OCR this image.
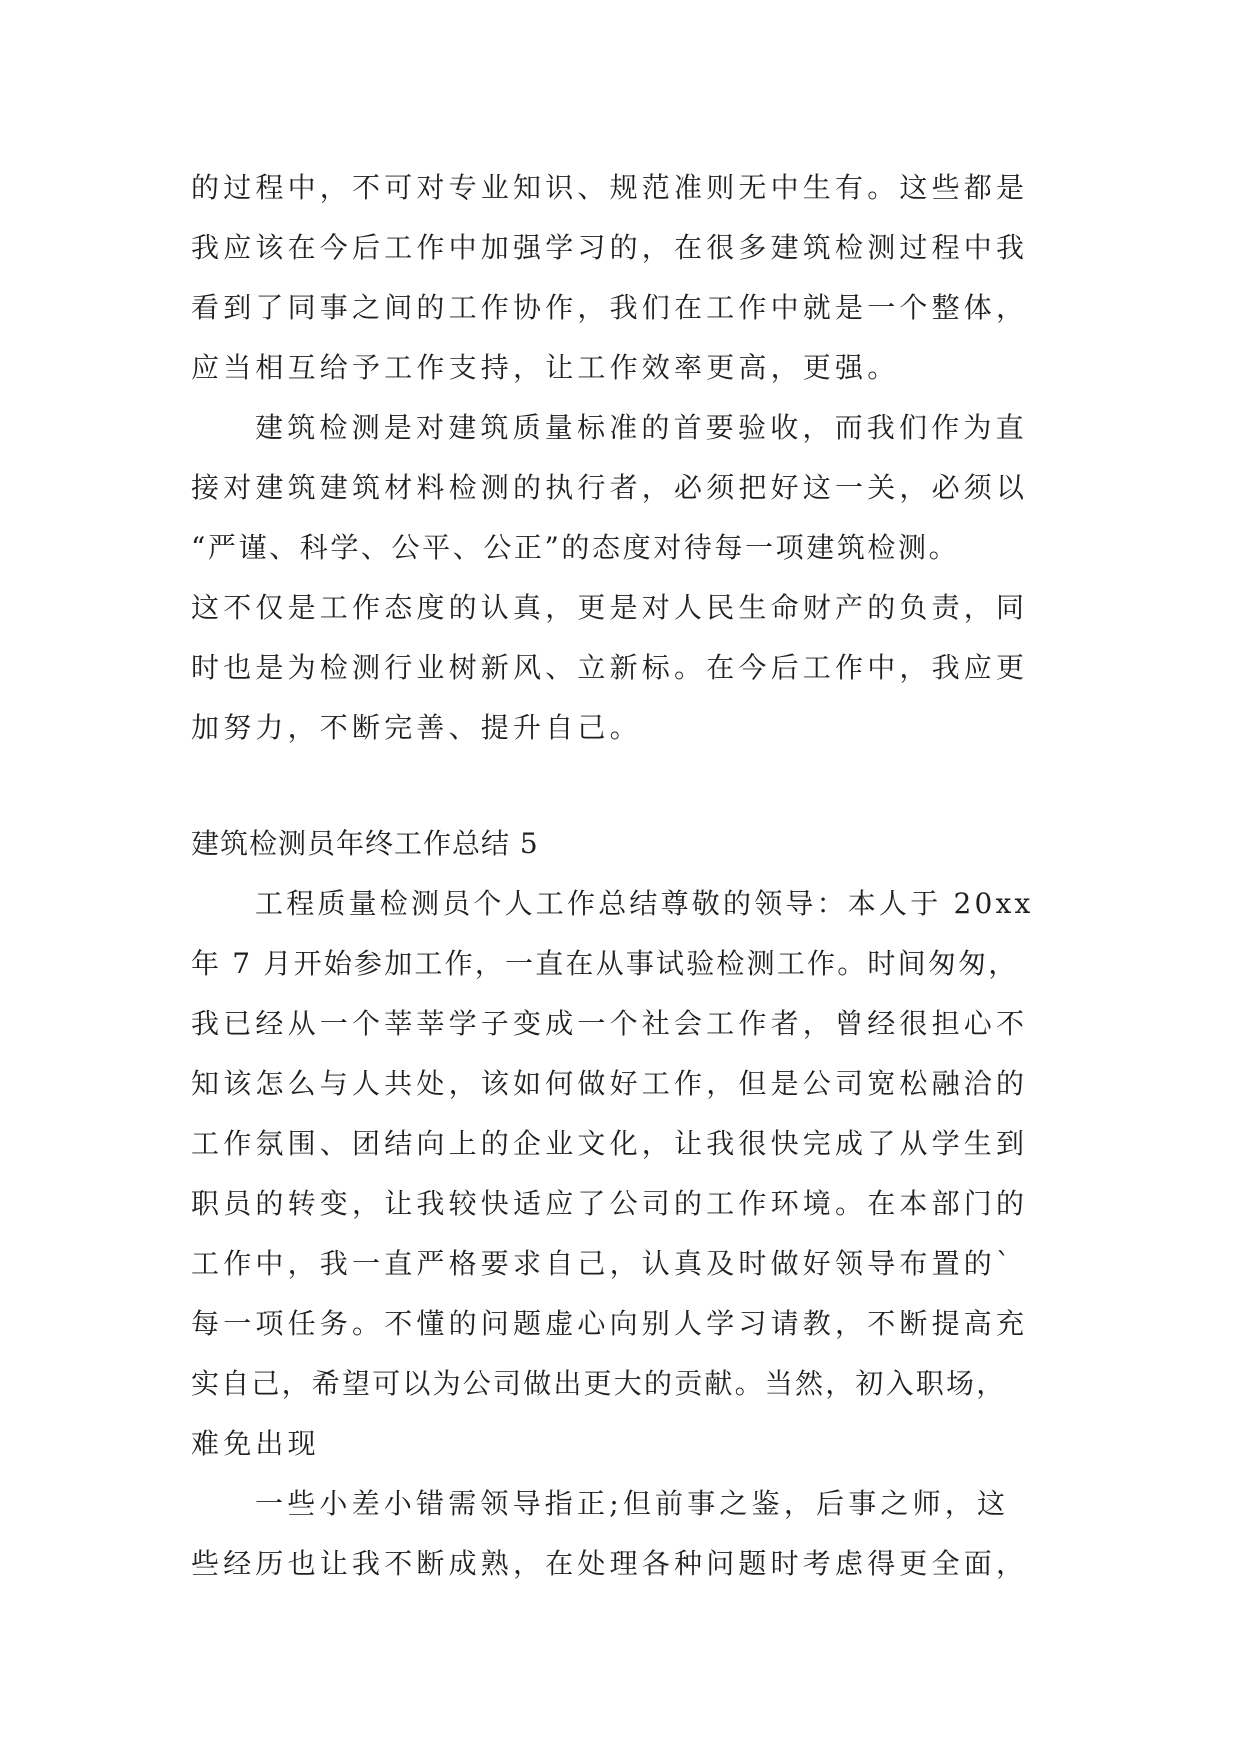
的过程中，不可对专业知识、规范准则无中生有。这些都是
我应该在今后工作中加强学习的，在很多建筑检测过程中我
看到了同事之间的工作协作，我们在工作中就是一个整体，
应当相互给予工作支持，让工作效率更高，更强。
建筑检测是对建筑质量标准的首要验收，而我们作为直
接对建筑建筑材料检测的执行者，必须把好这一关，必须以
“严谨、科学、公平、公正”的态度对待每一项建筑检测。
这不仅是工作态度的认真，更是对人民生命财产的负责，同
时也是为检测行业树新风、立新标。在今后工作中，我应更
加努力，不断完善、提升自己。
建筑检测员年终工作总结 5
工程质量检测员个人工作总结尊敬的领导：本人于 20xx
年 7 月开始参加工作，一直在从事试验检测工作。时间匆匆，
我已经从一个莘莘学子变成一个社会工作者，曾经很担心不
知该怎么与人共处，该如何做好工作，但是公司宽松融洽的
工作氛围、团结向上的企业文化，让我很快完成了从学生到
职员的转变，让我较快适应了公司的工作环境。在本部门的
工作中，我一直严格要求自己，认真及时做好领导布置的`
每一项任务。不懂的问题虚心向别人学习请教，不断提高充
实自己，希望可以为公司做出更大的贡献。当然，初入职场，
难免出现
一些小差小错需领导指正;但前事之鉴，后事之师，这
些经历也让我不断成熟，在处理各种问题时考虑得更全面，
